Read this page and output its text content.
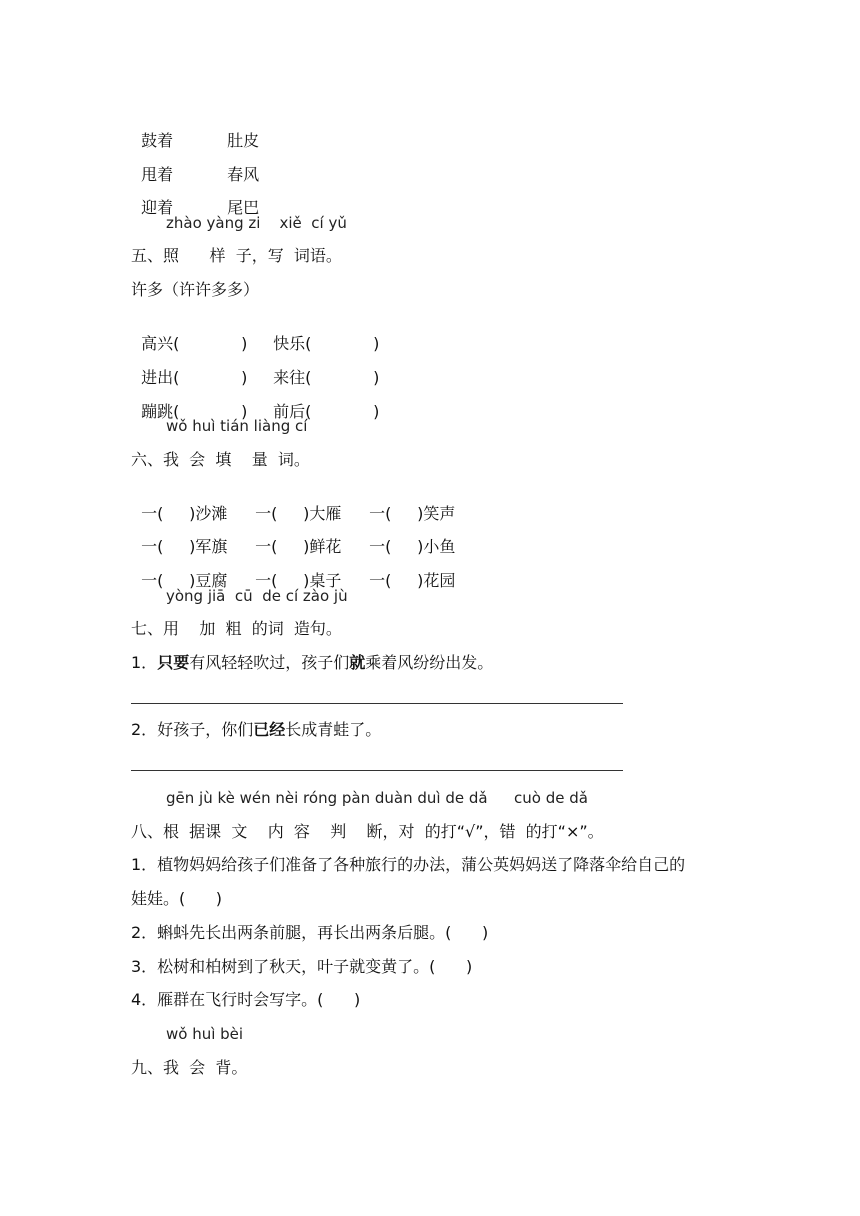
鼓着	肚皮

甩着	春风

迎着	尾巴

zhào yàng zi    xiě  cí yǔ
五、照      样  子，写  词语。
许多（许许多多）

高兴(	) 快乐(	)

进出(	) 来往(	)

蹦跳(	) 前后(	)

wǒ huì tián liàng cí
六、我  会  填    量  词。

一( )沙滩 一( )大雁 一( )笑声

一( )军旗 一( )鲜花 一( )小鱼

一( )豆腐 一( )桌子 一( )花园

yòng jiā  cū  de cí zào jù
七、用    加  粗  的词  造句。
1．只要有风轻轻吹过，孩子们就乘着风纷纷出发。
2．好孩子，你们已经长成青蛙了。
gēn jù kè wén nèi róng pàn duàn duì de dǎ cuò de dǎ
八、根  据课  文    内  容    判    断，对  的打“√”，错  的打“×”。
1．植物妈妈给孩子们准备了各种旅行的办法，蒲公英妈妈送了降落伞给自己的
娃娃。(      )
2．蝌蚪先长出两条前腿，再长出两条后腿。(      )
3．松树和柏树到了秋天，叶子就变黄了。(      )
4．雁群在飞行时会写字。(      )
wǒ huì bèi
九、我  会  背。
